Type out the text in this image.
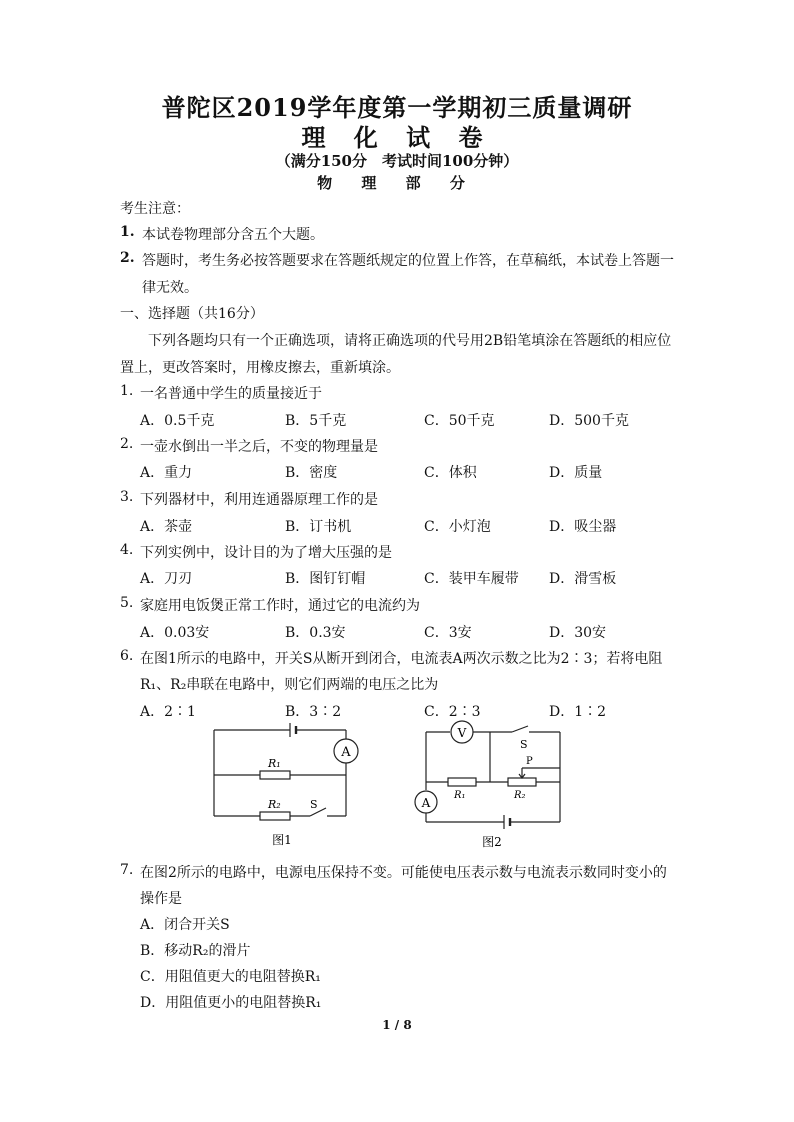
普陀区2019学年度第一学期初三质量调研
理 化 试 卷
（满分150分　考试时间100分钟）
物 理 部 分
考生注意：
1. 本试卷物理部分含五个大题。
2. 答题时，考生务必按答题要求在答题纸规定的位置上作答，在草稿纸，本试卷上答题一
律无效。
一、选择题（共16分）
下列各题均只有一个正确选项，请将正确选项的代号用2B铅笔填涂在答题纸的相应位
置上，更改答案时，用橡皮擦去，重新填涂。
1. 一名普通中学生的质量接近于
A．0.5千克	B．5千克	C．50千克	D．500千克
2. 一壶水倒出一半之后，不变的物理量是
A．重力	B．密度	C．体积	D．质量
3. 下列器材中，利用连通器原理工作的是
A．茶壶	B．订书机	C．小灯泡	D．吸尘器
4. 下列实例中，设计目的为了增大压强的是
A．刀刃	B．图钉钉帽	C．装甲车履带 D．滑雪板
5. 家庭用电饭煲正常工作时，通过它的电流约为
A．0.03安	B．0.3安	C．3安	D．30安
6. 在图1所示的电路中，开关S从断开到闭合，电流表A两次示数之比为2∶3；若将电阻
R₁、R₂串联在电路中，则它们两端的电压之比为
A．2∶1	B．3∶2	C．2∶3	D．1∶2
A
R₁
R₂	S
图1
V
A
S
P
R₁	R₂
图2
7. 在图2所示的电路中，电源电压保持不变。可能使电压表示数与电流表示数同时变小的
操作是
A．闭合开关S
B．移动R₂的滑片
C．用阻值更大的电阻替换R₁
D．用阻值更小的电阻替换R₁
1 / 8
